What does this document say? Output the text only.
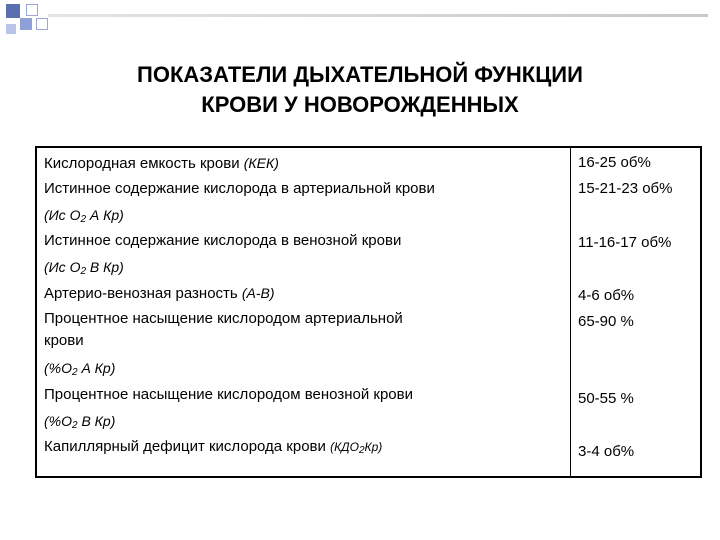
ПОКАЗАТЕЛИ ДЫХАТЕЛЬНОЙ ФУНКЦИИ
КРОВИ У НОВОРОЖДЕННЫХ
Кислородная емкость крови (КЕК)
Истинное содержание кислорода в артериальной крови
(Ис $О_2$ А Кр)
Истинное содержание кислорода в венозной крови
(Ис $О_2$ В Кр)
Артерио-венозная разность (А-В)
Процентное насыщение кислородом артериальной
крови
($\%О_2$ А Кр)
Процентное насыщение кислородом венозной крови
($\%О_2$ В Кр)
Капиллярный дефицит кислорода крови $(КДО_2Кр)$
16-25 об%
15-21-23 об%
11-16-17 об%
4-6 об%
65-90 %
50-55 %
3-4 об%
